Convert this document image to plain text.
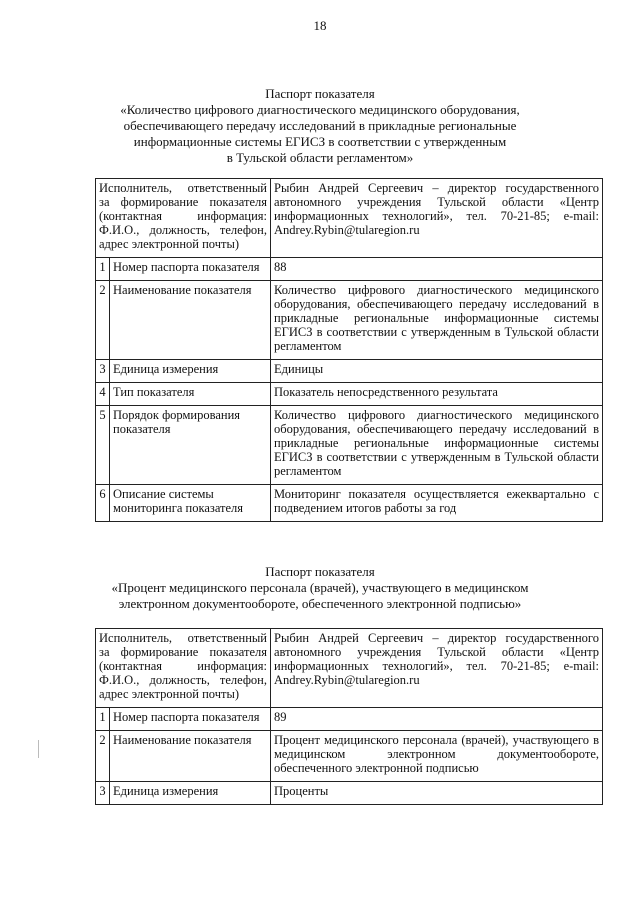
18
Паспорт показателя
«Количество цифрового диагностического медицинского оборудования,
обеспечивающего передачу исследований в прикладные региональные
информационные системы ЕГИСЗ в соответствии с утвержденным
в Тульской области регламентом»
Исполнитель, ответственный за формирование показателя (контактная информация: Ф.И.О., должность, телефон, адрес электронной почты)		Рыбин Андрей Сергеевич – директор государственного автономного учреждения Тульской области «Центр информационных технологий», тел. 70-21-85; e-mail: Andrey.Rybin@tularegion.ru
1	Номер паспорта показателя	88
2	Наименование показателя	Количество цифрового диагностического медицинского оборудования, обеспечивающего передачу исследований в прикладные региональные информационные системы ЕГИСЗ в соответствии с утвержденным в Тульской области регламентом
3	Единица измерения	Единицы
4	Тип показателя	Показатель непосредственного результата
5	Порядок формирования показателя	Количество цифрового диагностического медицинского оборудования, обеспечивающего передачу исследований в прикладные региональные информационные системы ЕГИСЗ в соответствии с утвержденным в Тульской области регламентом
6	Описание системы мониторинга показателя	Мониторинг показателя осуществляется ежеквартально с подведением итогов работы за год
Паспорт показателя
«Процент медицинского персонала (врачей), участвующего в медицинском
электронном документообороте, обеспеченного электронной подписью»
Исполнитель, ответственный за формирование показателя (контактная информация: Ф.И.О., должность, телефон, адрес электронной почты)		Рыбин Андрей Сергеевич – директор государственного автономного учреждения Тульской области «Центр информационных технологий», тел. 70-21-85; e-mail: Andrey.Rybin@tularegion.ru
1	Номер паспорта показателя	89
2	Наименование показателя	Процент медицинского персонала (врачей), участвующего в медицинском электронном документообороте, обеспеченного электронной подписью
3	Единица измерения	Проценты
